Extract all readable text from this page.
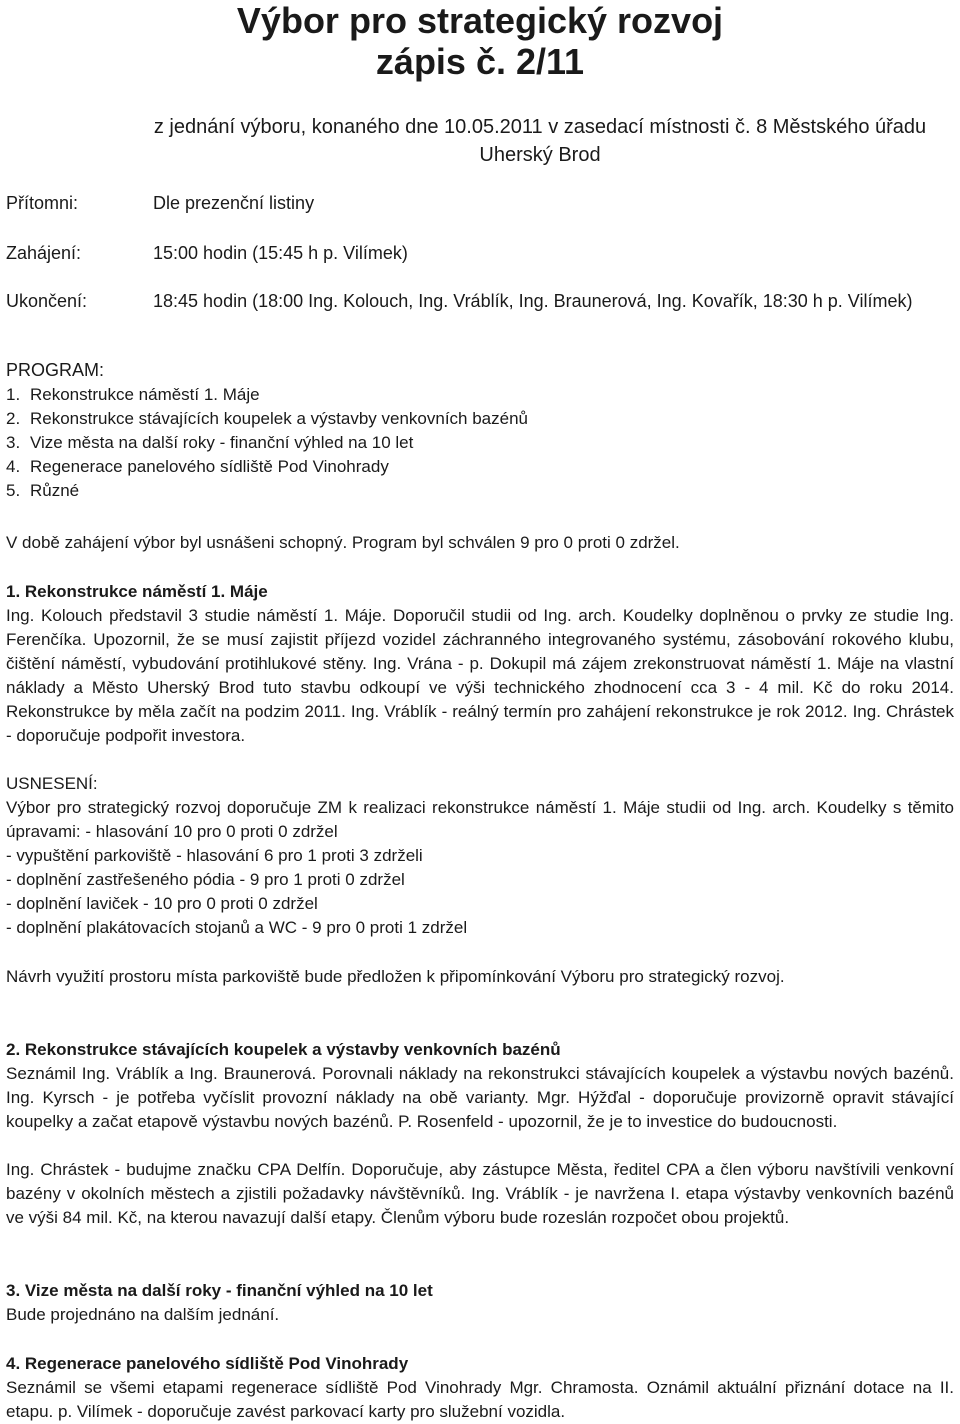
Výbor pro strategický rozvoj
zápis č. 2/11
z jednání výboru, konaného dne 10.05.2011 v zasedací místnosti č. 8 Městského úřadu Uherský Brod
Přítomni:	Dle prezenční listiny
Zahájení:	15:00 hodin (15:45 h p. Vilímek)
Ukončení:	18:45 hodin (18:00 Ing. Kolouch, Ing. Vráblík, Ing. Braunerová, Ing. Kovařík, 18:30 h p. Vilímek)
PROGRAM:
1. Rekonstrukce náměstí 1. Máje
2. Rekonstrukce stávajících koupelek a výstavby venkovních bazénů
3. Vize města na další roky - finanční výhled na 10 let
4. Regenerace panelového sídliště Pod Vinohrady
5. Různé
V době zahájení výbor byl usnášeni schopný. Program byl schválen 9 pro 0 proti 0 zdržel.
1. Rekonstrukce náměstí 1. Máje
Ing. Kolouch představil 3 studie náměstí 1. Máje. Doporučil studii od Ing. arch. Koudelky doplněnou o prvky ze studie Ing. Ferenčíka. Upozornil, že se musí zajistit příjezd vozidel záchranného integrovaného systému, zásobování rokového klubu, čištění náměstí, vybudování protihlukové stěny. Ing. Vrána - p. Dokupil má zájem zrekonstruovat náměstí 1. Máje na vlastní náklady a Město Uherský Brod tuto stavbu odkoupí ve výši technického zhodnocení cca 3 - 4 mil. Kč do roku 2014. Rekonstrukce by měla začít na podzim 2011. Ing. Vráblík - reálný termín pro zahájení rekonstrukce je rok 2012. Ing. Chrástek - doporučuje podpořit investora.
USNESENÍ:
Výbor pro strategický rozvoj doporučuje ZM k realizaci rekonstrukce náměstí 1. Máje studii od Ing. arch. Koudelky s těmito úpravami: - hlasování 10 pro 0 proti 0 zdržel
- vypuštění parkoviště - hlasování 6 pro 1 proti 3 zdrželi
- doplnění zastřešeného pódia - 9 pro 1 proti 0 zdržel
- doplnění laviček - 10 pro 0 proti 0 zdržel
- doplnění plakátovacích stojanů a WC - 9 pro 0 proti 1 zdržel
Návrh využití prostoru místa parkoviště bude předložen k připomínkování Výboru pro strategický rozvoj.
2. Rekonstrukce stávajících koupelek a výstavby venkovních bazénů
Seznámil Ing. Vráblík a Ing. Braunerová. Porovnali náklady na rekonstrukci stávajících koupelek a výstavbu nových bazénů. Ing. Kyrsch - je potřeba vyčíslit provozní náklady na obě varianty. Mgr. Hýžďal - doporučuje provizorně opravit stávající koupelky a začat etapově výstavbu nových bazénů. P. Rosenfeld - upozornil, že je to investice do budoucnosti.
Ing. Chrástek - budujme značku CPA Delfín. Doporučuje, aby zástupce Města, ředitel CPA a člen výboru navštívili venkovní bazény v okolních městech a zjistili požadavky návštěvníků. Ing. Vráblík - je navržena I. etapa výstavby venkovních bazénů ve výši 84 mil. Kč, na kterou navazují další etapy. Členům výboru bude rozeslán rozpočet obou projektů.
3. Vize města na další roky - finanční výhled na 10 let
Bude projednáno na dalším jednání.
4. Regenerace panelového sídliště Pod Vinohrady
Seznámil se všemi etapami regenerace sídliště Pod Vinohrady Mgr. Chramosta. Oznámil aktuální přiznání dotace na II. etapu. p. Vilímek - doporučuje zavést parkovací karty pro služební vozidla.
